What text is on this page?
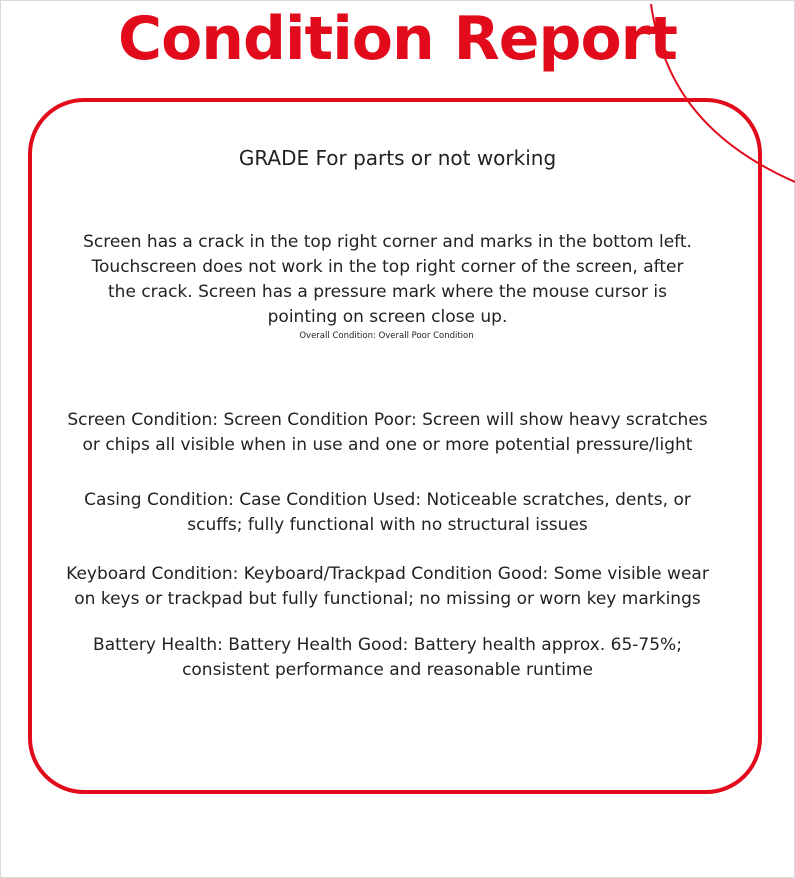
Condition Report
GRADE For parts or not working
Screen has a crack in the top right corner and marks in the bottom left. Touchscreen does not work in the top right corner of the screen, after the crack. Screen has a pressure mark where the mouse cursor is pointing on screen close up.
Overall Condition: Overall Poor Condition
Screen Condition: Screen Condition Poor: Screen will show heavy scratches or chips all visible when in use and one or more potential pressure/light
Casing Condition: Case Condition Used: Noticeable scratches, dents, or scuffs; fully functional with no structural issues
Keyboard Condition: Keyboard/Trackpad Condition Good: Some visible wear on keys or trackpad but fully functional; no missing or worn key markings
Battery Health: Battery Health Good: Battery health approx. 65-75%; consistent performance and reasonable runtime
